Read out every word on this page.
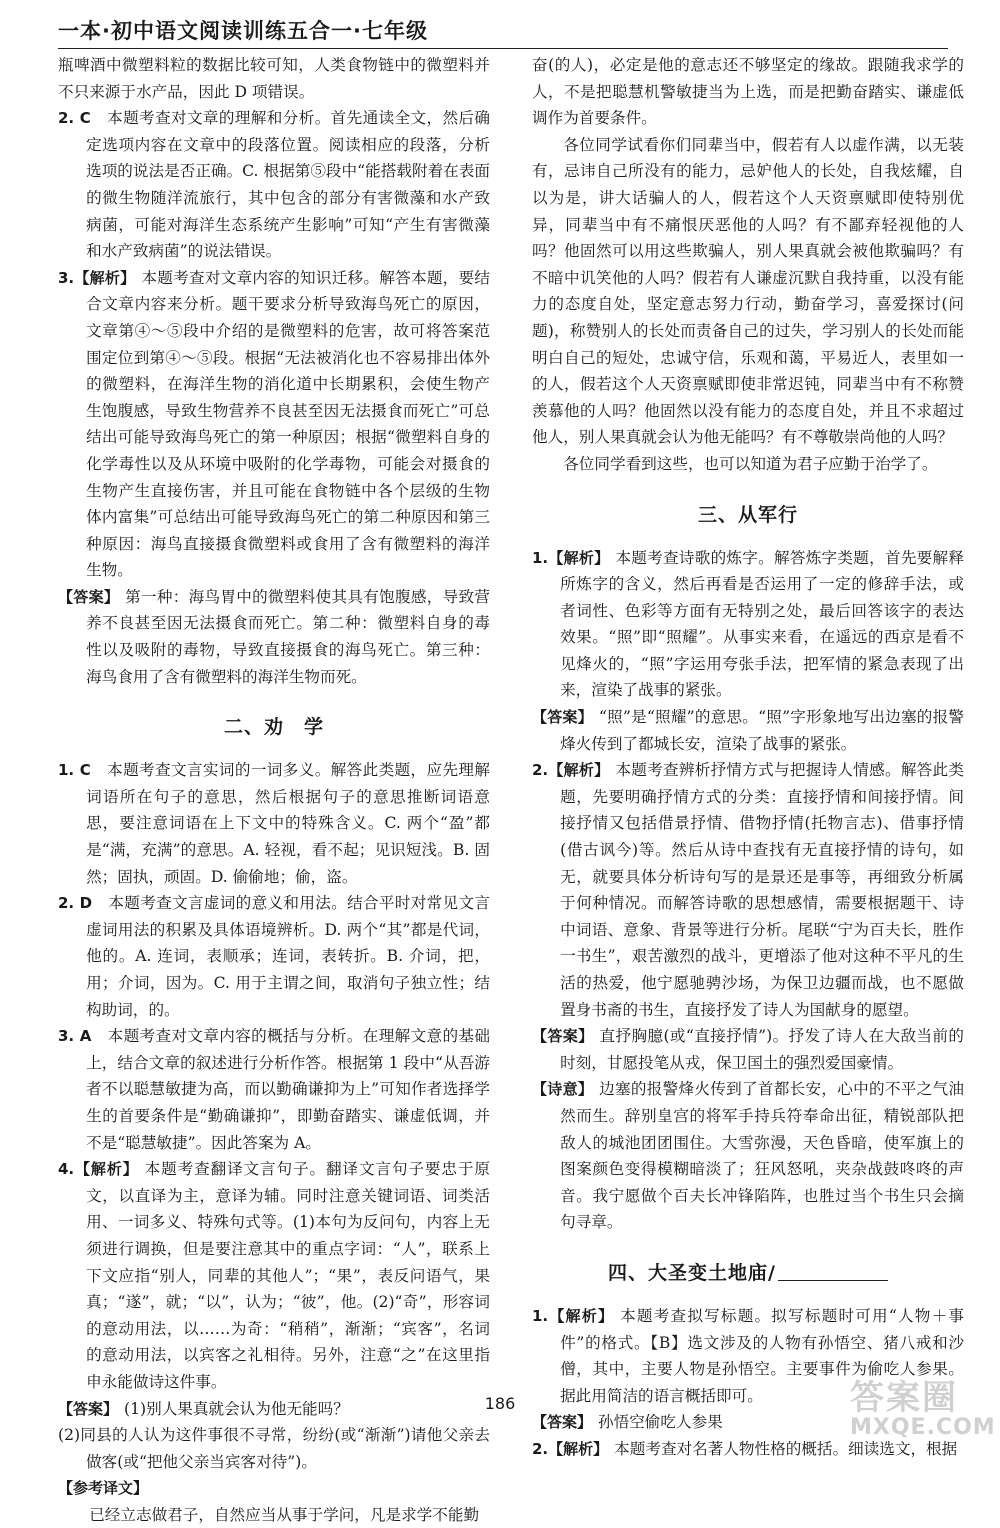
一本·初中语文阅读训练五合一·七年级

瓶啤酒中微塑料粒的数据比较可知，人类食物链中的微塑料并不只来源于水产品，因此 D 项错误。

2. C　 本题考查对文章的理解和分析。首先通读全文，然后确定选项内容在文章中的段落位置。阅读相应的段落，分析选项的说法是否正确。C. 根据第⑤段中“能搭载附着在表面的微生物随洋流旅行，其中包含的部分有害微藻和水产致病菌，可能对海洋生态系统产生影响”可知“产生有害微藻和水产致病菌”的说法错误。

3.【解析】 本题考查对文章内容的知识迁移。解答本题，要结合文章内容来分析。题干要求分析导致海鸟死亡的原因，文章第④～⑤段中介绍的是微塑料的危害，故可将答案范围定位到第④～⑤段。根据“无法被消化也不容易排出体外的微塑料，在海洋生物的消化道中长期累积，会使生物产生饱腹感，导致生物营养不良甚至因无法摄食而死亡”可总结出可能导致海鸟死亡的第一种原因；根据“微塑料自身的化学毒性以及从环境中吸附的化学毒物，可能会对摄食的生物产生直接伤害，并且可能在食物链中各个层级的生物体内富集”可总结出可能导致海鸟死亡的第二种原因和第三种原因：海鸟直接摄食微塑料或食用了含有微塑料的海洋生物。

【答案】 第一种：海鸟胃中的微塑料使其具有饱腹感，导致营养不良甚至因无法摄食而死亡。第二种：微塑料自身的毒性以及吸附的毒物，导致直接摄食的海鸟死亡。第三种：海鸟食用了含有微塑料的海洋生物而死。

二、劝　学

1. C　 本题考查文言实词的一词多义。解答此类题，应先理解词语所在句子的意思，然后根据句子的意思推断词语意思，要注意词语在上下文中的特殊含义。C. 两个“盈”都是“满，充满”的意思。A. 轻视，看不起；见识短浅。B. 固然；固执，顽固。D. 偷偷地；偷，盗。

2. D　 本题考查文言虚词的意义和用法。结合平时对常见文言虚词用法的积累及具体语境辨析。D. 两个“其”都是代词，他的。A. 连词，表顺承；连词，表转折。B. 介词，把，用；介词，因为。C. 用于主谓之间，取消句子独立性；结构助词，的。

3. A　 本题考查对文章内容的概括与分析。在理解文意的基础上，结合文章的叙述进行分析作答。根据第 1 段中“从吾游者不以聪慧敏捷为高，而以勤确谦抑为上”可知作者选择学生的首要条件是“勤确谦抑”，即勤奋踏实、谦虚低调，并不是“聪慧敏捷”。因此答案为 A。

4.【解析】 本题考查翻译文言句子。翻译文言句子要忠于原文，以直译为主，意译为辅。同时注意关键词语、词类活用、一词多义、特殊句式等。(1)本句为反问句，内容上无须进行调换，但是要注意其中的重点字词：“人”，联系上下文应指“别人，同辈的其他人”；“果”，表反问语气，果真；“遂”，就；“以”，认为；“彼”，他。(2)“奇”，形容词的意动用法，以……为奇：“稍稍”，渐渐；“宾客”，名词的意动用法，以宾客之礼相待。另外，注意“之”在这里指申永能做诗这件事。

【答案】 (1)别人果真就会认为他无能吗？

(2)同县的人认为这件事很不寻常，纷纷(或“渐渐”)请他父亲去做客(或“把他父亲当宾客对待”)。

【参考译文】

已经立志做君子，自然应当从事于学问，凡是求学不能勤

奋(的人)，必定是他的意志还不够坚定的缘故。跟随我求学的人，不是把聪慧机警敏捷当为上选，而是把勤奋踏实、谦虚低调作为首要条件。

各位同学试看你们同辈当中，假若有人以虚作满，以无装有，忌讳自己所没有的能力，忌妒他人的长处，自我炫耀，自以为是，讲大话骗人的人，假若这个人天资禀赋即使特别优异，同辈当中有不痛恨厌恶他的人吗？有不鄙弃轻视他的人吗？他固然可以用这些欺骗人，别人果真就会被他欺骗吗？有不暗中讥笑他的人吗？假若有人谦虚沉默自我持重，以没有能力的态度自处，坚定意志努力行动，勤奋学习，喜爱探讨(问题)，称赞别人的长处而责备自己的过失，学习别人的长处而能明白自己的短处，忠诚守信，乐观和蔼，平易近人，表里如一的人，假若这个人天资禀赋即使非常迟钝，同辈当中有不称赞羡慕他的人吗？他固然以没有能力的态度自处，并且不求超过他人，别人果真就会认为他无能吗？有不尊敬崇尚他的人吗？

各位同学看到这些，也可以知道为君子应勤于治学了。

三、从军行

1.【解析】 本题考查诗歌的炼字。解答炼字类题，首先要解释所炼字的含义，然后再看是否运用了一定的修辞手法，或者词性、色彩等方面有无特别之处，最后回答该字的表达效果。“照”即“照耀”。从事实来看，在遥远的西京是看不见烽火的，“照”字运用夸张手法，把军情的紧急表现了出来，渲染了战事的紧张。

【答案】 “照”是“照耀”的意思。“照”字形象地写出边塞的报警烽火传到了都城长安，渲染了战事的紧张。

2.【解析】 本题考查辨析抒情方式与把握诗人情感。解答此类题，先要明确抒情方式的分类：直接抒情和间接抒情。间接抒情又包括借景抒情、借物抒情(托物言志)、借事抒情(借古讽今)等。然后从诗中查找有无直接抒情的诗句，如无，就要具体分析诗句写的是景还是事等，再细致分析属于何种情况。而解答诗歌的思想感情，需要根据题干、诗中词语、意象、背景等进行分析。尾联“宁为百夫长，胜作一书生”，艰苦激烈的战斗，更增添了他对这种不平凡的生活的热爱，他宁愿驰骋沙场，为保卫边疆而战，也不愿做置身书斋的书生，直接抒发了诗人为国献身的愿望。

【答案】 直抒胸臆(或“直接抒情”)。抒发了诗人在大敌当前的时刻，甘愿投笔从戎，保卫国土的强烈爱国豪情。

【诗意】 边塞的报警烽火传到了首都长安，心中的不平之气油然而生。辞别皇宫的将军手持兵符奉命出征，精锐部队把敌人的城池团团围住。大雪弥漫，天色昏暗，使军旗上的图案颜色变得模糊暗淡了；狂风怒吼，夹杂战鼓咚咚的声音。我宁愿做个百夫长冲锋陷阵，也胜过当个书生只会摘句寻章。

四、大圣变土地庙/

1.【解析】 本题考查拟写标题。拟写标题时可用“人物＋事件”的格式。【B】选文涉及的人物有孙悟空、猪八戒和沙僧，其中，主要人物是孙悟空。主要事件为偷吃人参果。据此用简洁的语言概括即可。

【答案】 孙悟空偷吃人参果

2.【解析】 本题考查对名著人物性格的概括。细读选文，根据

186	答案圈
MXQE.COM
